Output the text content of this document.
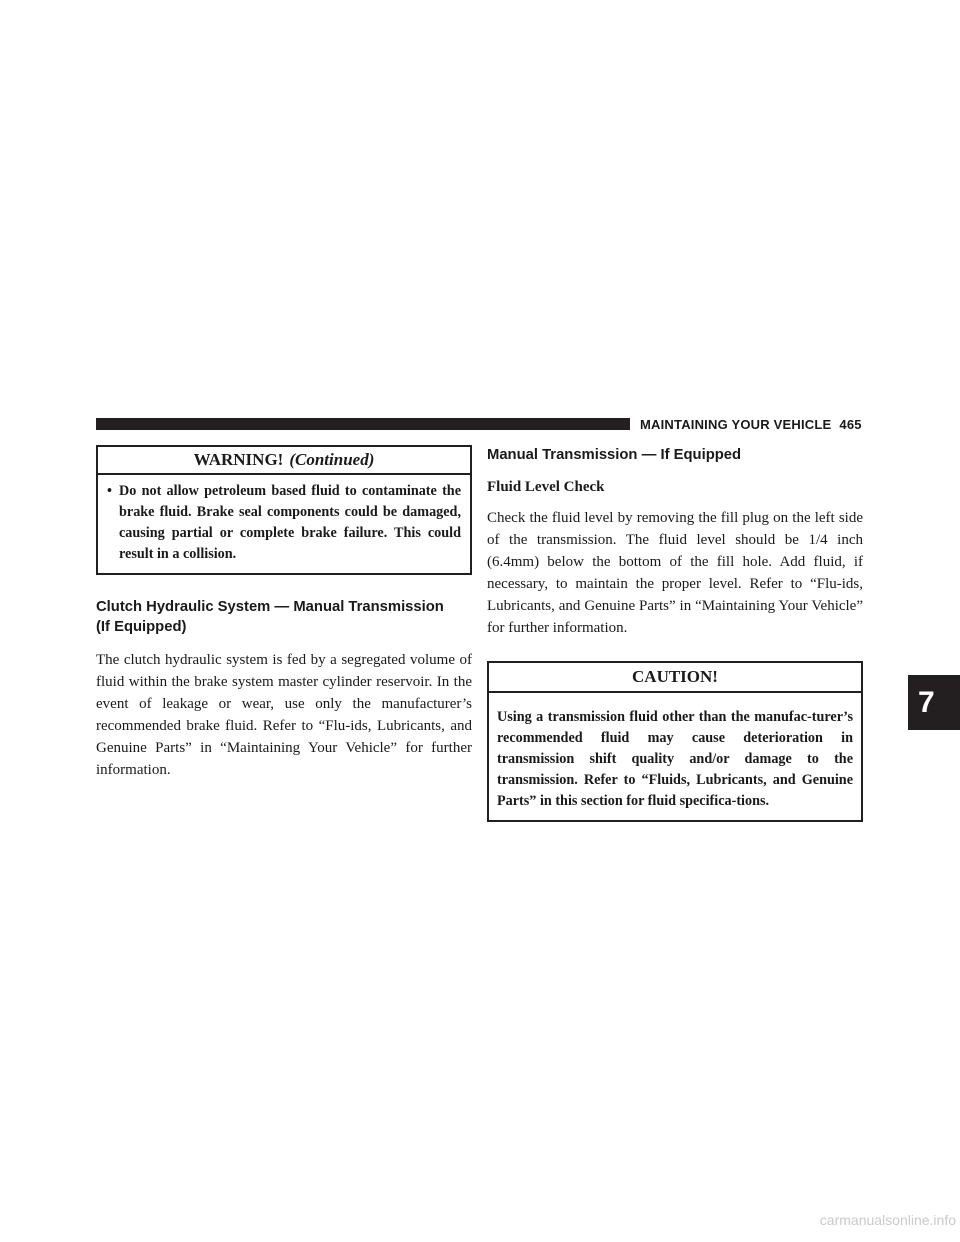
MAINTAINING YOUR VEHICLE 465
WARNING! (Continued)
• Do not allow petroleum based fluid to contaminate the brake fluid. Brake seal components could be damaged, causing partial or complete brake failure. This could result in a collision.
Clutch Hydraulic System — Manual Transmission
(If Equipped)

The clutch hydraulic system is fed by a segregated volume of fluid within the brake system master cylinder reservoir. In the event of leakage or wear, use only the manufacturer’s recommended brake fluid. Refer to “Flu-ids, Lubricants, and Genuine Parts” in “Maintaining Your Vehicle” for further information.

Manual Transmission — If Equipped
Fluid Level Check

Check the fluid level by removing the fill plug on the left side of the transmission. The fluid level should be 1/4 inch (6.4mm) below the bottom of the fill hole. Add fluid, if necessary, to maintain the proper level. Refer to “Flu-ids, Lubricants, and Genuine Parts” in “Maintaining Your Vehicle” for further information.

CAUTION!
Using a transmission fluid other than the manufac-turer’s recommended fluid may cause deterioration in transmission shift quality and/or damage to the transmission. Refer to “Fluids, Lubricants, and Genuine Parts” in this section for fluid specifica-tions.
7
carmanualsonline.info
